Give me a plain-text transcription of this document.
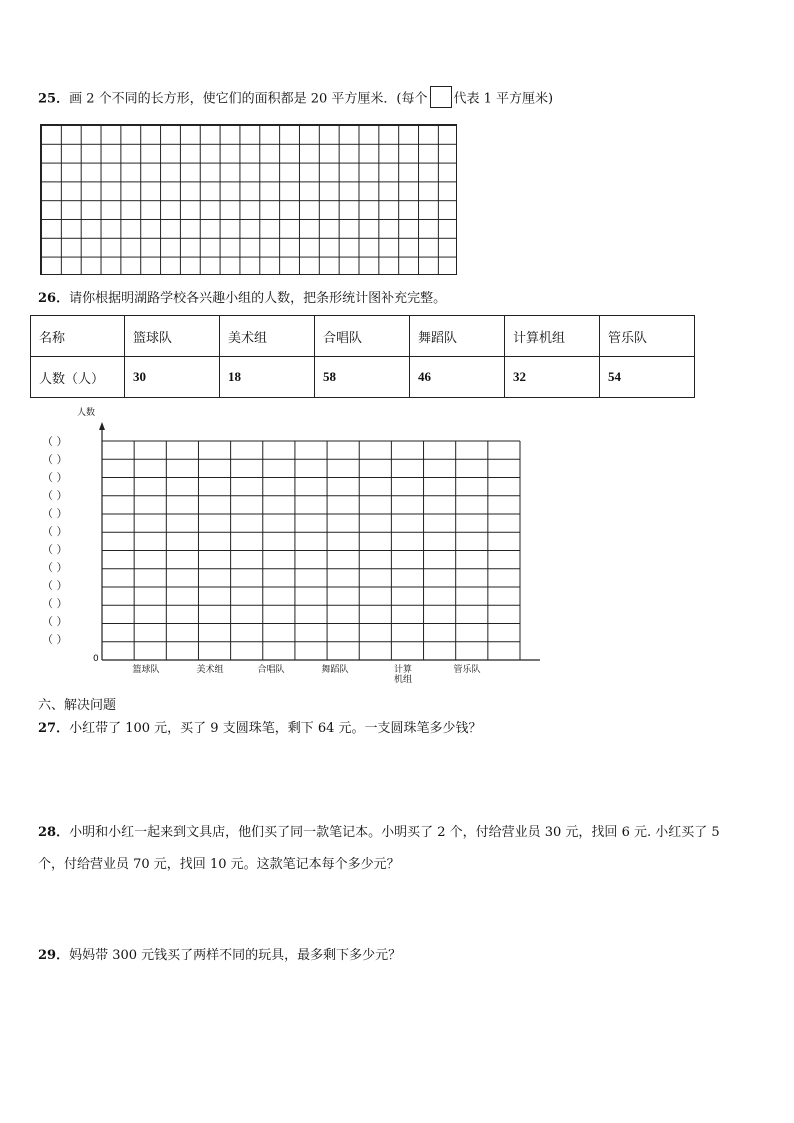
25．画 2 个不同的长方形，使它们的面积都是 20 平方厘米．(每个 代表 1 平方厘米)
26．请你根据明湖路学校各兴趣小组的人数，把条形统计图补充完整。
名称	篮球队	美术组	合唱队	舞蹈队	计算机组	管乐队
人数（人）	30	18	58	46	32	54
人数
（ ）
（ ）
（ ）
（ ）
（ ）
（ ）
（ ）
（ ）
（ ）
（ ）
（ ）
（ ）
0
篮球队	美术组	合唱队	舞蹈队	计算
机组
管乐队
六、解决问题
27．小红带了 100 元，买了 9 支圆珠笔，剩下 64 元。一支圆珠笔多少钱？
28．小明和小红一起来到文具店，他们买了同一款笔记本。小明买了 2 个，付给营业员 30 元，找回 6 元. 小红买了 5
个，付给营业员 70 元，找回 10 元。这款笔记本每个多少元？
29．妈妈带 300 元钱买了两样不同的玩具，最多剩下多少元？
